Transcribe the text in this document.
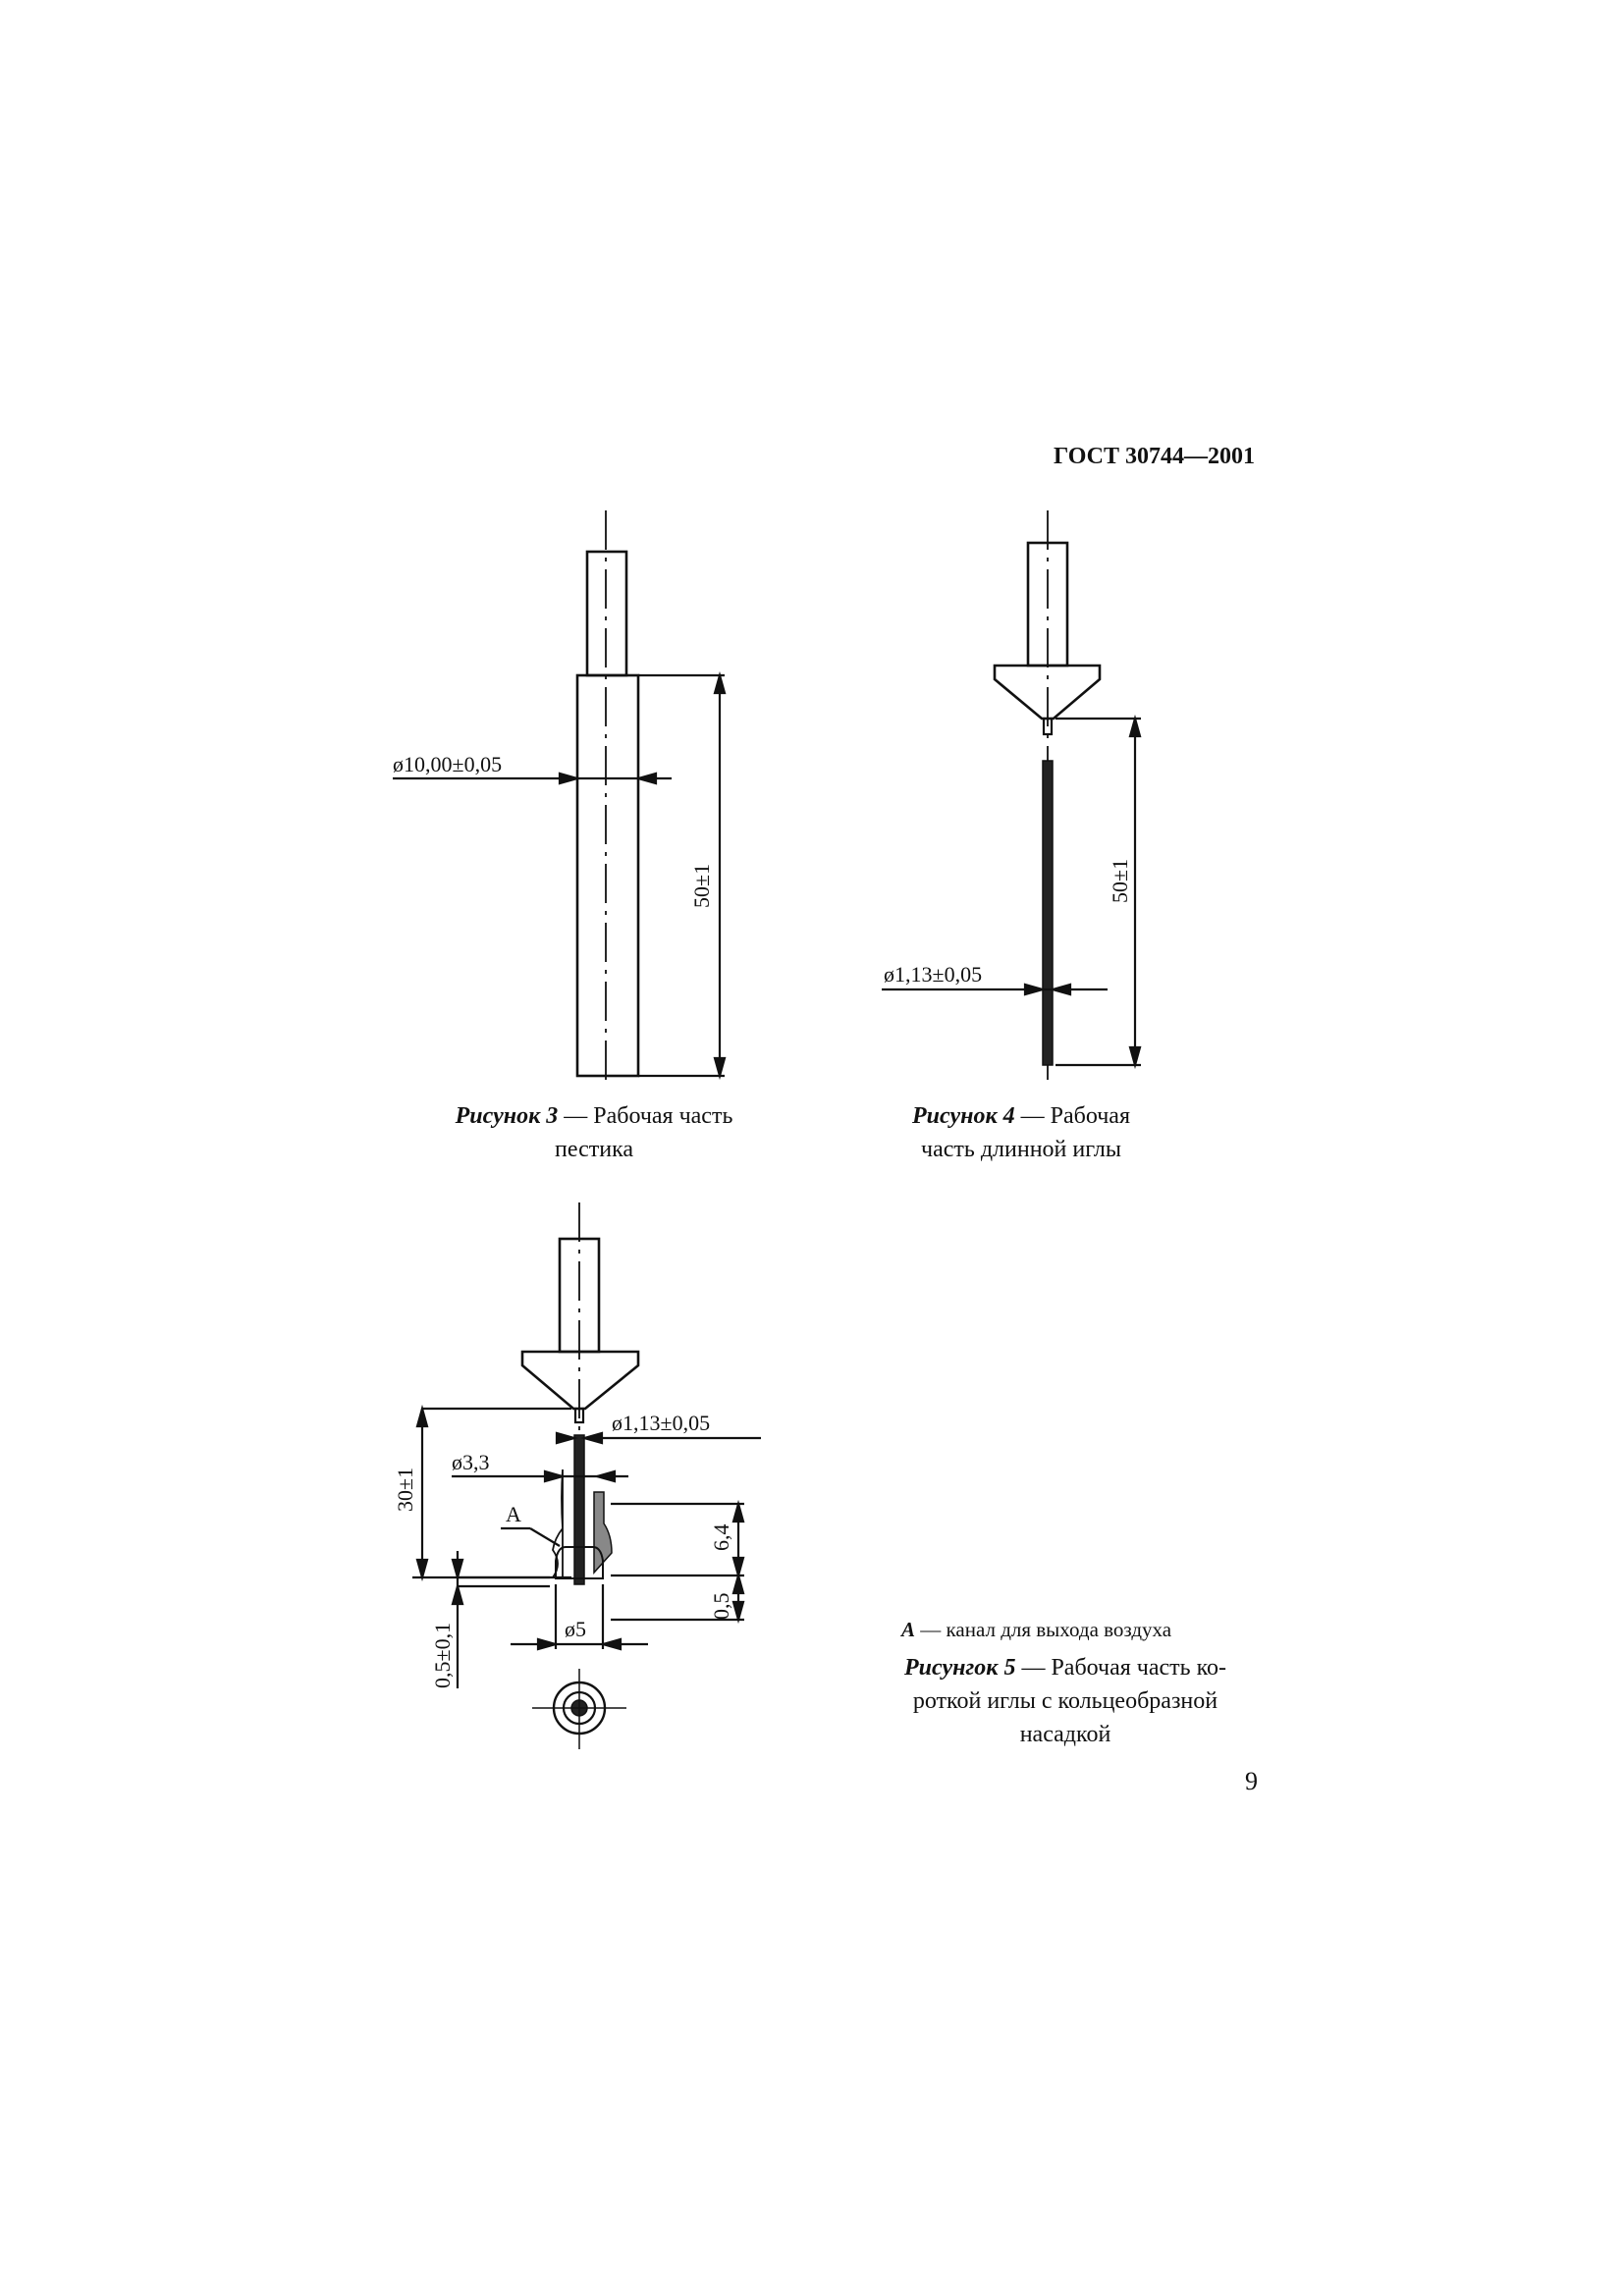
ГОСТ 30744—2001
ø10,00±0,05
50±1
ø1,13±0,05
50±1
ø1,13±0,05
ø3,3
ø5
30±1
6,4
0,5
0,5±0,1
А
Рисунок 3 — Рабочая часть
пестика
Рисунок 4 — Рабочая
часть длинной иглы
А — канал для выхода воздуха
Рисунгок 5 — Рабочая часть ко-
роткой иглы с кольцеобразной
насадкой
9
